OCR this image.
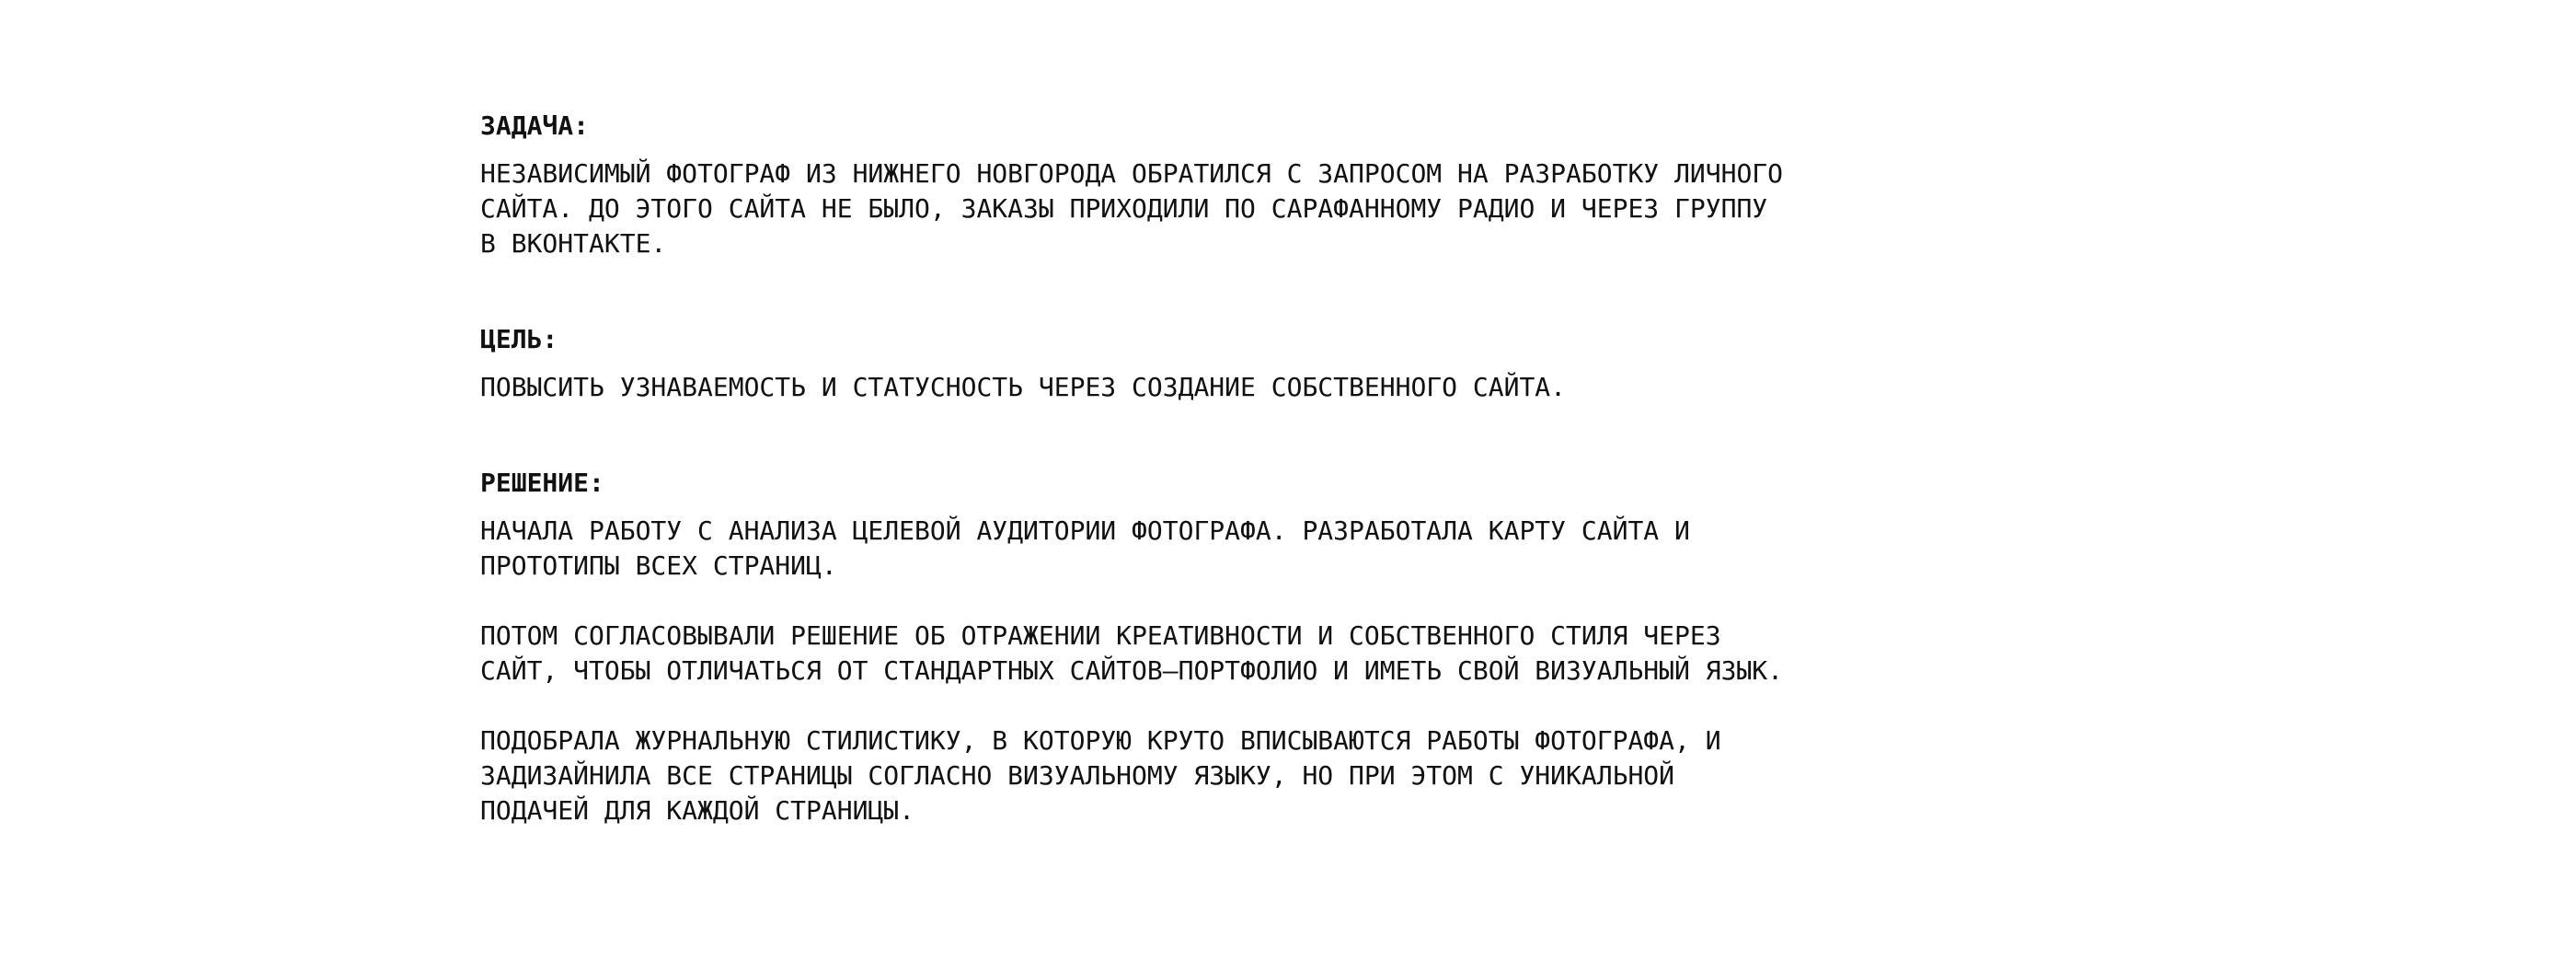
ЗАДАЧА:

НЕЗАВИСИМЫЙ ФОТОГРАФ ИЗ НИЖНЕГО НОВГОРОДА ОБРАТИЛСЯ С ЗАПРОСОМ НА РАЗРАБОТКУ ЛИЧНОГО
САЙТА. ДО ЭТОГО САЙТА НЕ БЫЛО, ЗАКАЗЫ ПРИХОДИЛИ ПО САРАФАННОМУ РАДИО И ЧЕРЕЗ ГРУППУ
В ВКОНТАКТЕ.

ЦЕЛЬ:

ПОВЫСИТЬ УЗНАВАЕМОСТЬ И СТАТУСНОСТЬ ЧЕРЕЗ СОЗДАНИЕ СОБСТВЕННОГО САЙТА.

РЕШЕНИЕ:

НАЧАЛА РАБОТУ С АНАЛИЗА ЦЕЛЕВОЙ АУДИТОРИИ ФОТОГРАФА. РАЗРАБОТАЛА КАРТУ САЙТА И
ПРОТОТИПЫ ВСЕХ СТРАНИЦ.

ПОТОМ СОГЛАСОВЫВАЛИ РЕШЕНИЕ ОБ ОТРАЖЕНИИ КРЕАТИВНОСТИ И СОБСТВЕННОГО СТИЛЯ ЧЕРЕЗ
САЙТ, ЧТОБЫ ОТЛИЧАТЬСЯ ОТ СТАНДАРТНЫХ САЙТОВ–ПОРТФОЛИО И ИМЕТЬ СВОЙ ВИЗУАЛЬНЫЙ ЯЗЫК.

ПОДОБРАЛА ЖУРНАЛЬНУЮ СТИЛИСТИКУ, В КОТОРУЮ КРУТО ВПИСЫВАЮТСЯ РАБОТЫ ФОТОГРАФА, И
ЗАДИЗАЙНИЛА ВСЕ СТРАНИЦЫ СОГЛАСНО ВИЗУАЛЬНОМУ ЯЗЫКУ, НО ПРИ ЭТОМ С УНИКАЛЬНОЙ
ПОДАЧЕЙ ДЛЯ КАЖДОЙ СТРАНИЦЫ.
